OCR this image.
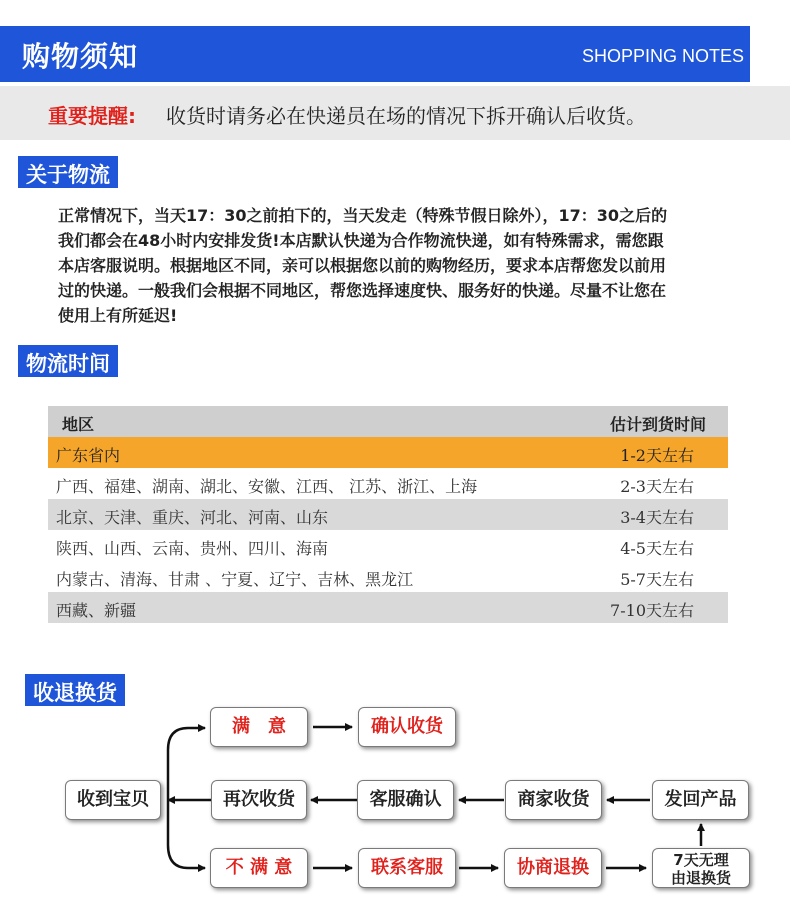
购物须知	SHOPPING NOTES
重要提醒: 收货时请务必在快递员在场的情况下拆开确认后收货。
关于物流
正常情况下，当天17：30之前拍下的，当天发走（特殊节假日除外），17：30之后的
我们都会在48小时内安排发货!本店默认快递为合作物流快递，如有特殊需求，需您跟
本店客服说明。根据地区不同，亲可以根据您以前的购物经历，要求本店帮您发以前用
过的快递。一般我们会根据不同地区，帮您选择速度快、服务好的快递。尽量不让您在
使用上有所延迟!
物流时间
地区	估计到货时间
广东省内	1-2天左右
广西、福建、湖南、湖北、安徽、江西、 江苏、浙江、上海	2-3天左右
北京、天津、重庆、河北、河南、山东	3-4天左右
陕西、山西、云南、贵州、四川、海南	4-5天左右
内蒙古、清海、甘肃 、宁夏、辽宁、吉林、黑龙江	5-7天左右
西藏、新疆	7-10天左右
收退换货
收到宝贝
满　意	确认收货
再次收货	客服确认	商家收货	发回产品
不 满 意	联系客服	协商退换	7天无理
由退换货
